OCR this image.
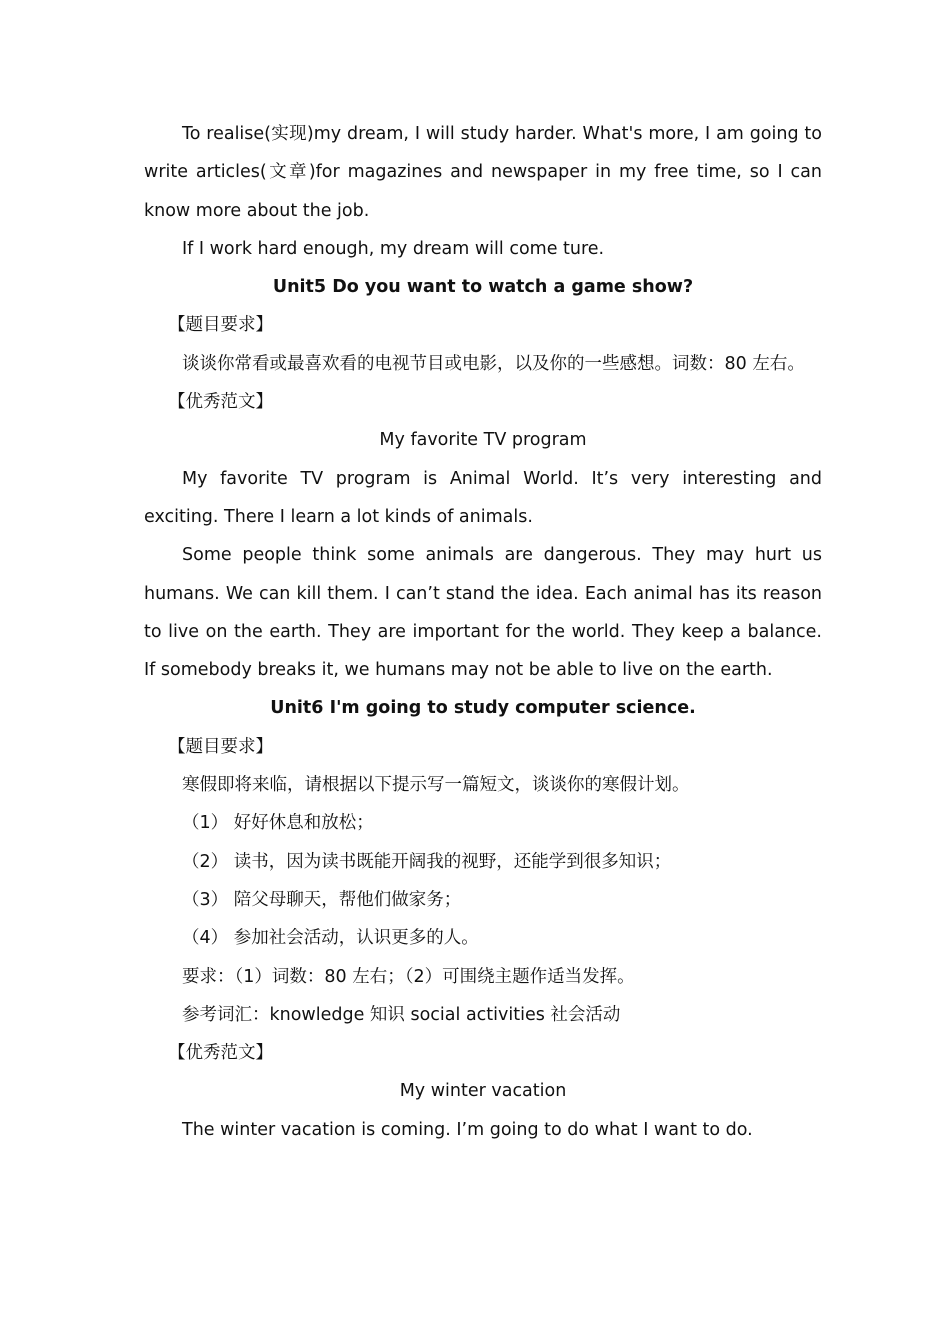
To realise(实现)my dream, I will study harder. What's more, I am going to write articles(文章)for magazines and newspaper in my free time, so I can know more about the job.

If I work hard enough, my dream will come ture.

Unit5 Do you want to watch a game show?

【题目要求】

谈谈你常看或最喜欢看的电视节目或电影，以及你的一些感想。词数：80 左右。

【优秀范文】

My favorite TV program

My favorite TV program is Animal World. It’s very interesting and exciting. There I learn a lot kinds of animals.

Some people think some animals are dangerous. They may hurt us humans. We can kill them. I can’t stand the idea. Each animal has its reason to live on the earth. They are important for the world. They keep a balance. If somebody breaks it, we humans may not be able to live on the earth.

Unit6 I'm going to study computer science.

【题目要求】

寒假即将来临，请根据以下提示写一篇短文，谈谈你的寒假计划。

（1） 好好休息和放松；

（2） 读书，因为读书既能开阔我的视野，还能学到很多知识；

（3） 陪父母聊天，帮他们做家务；

（4） 参加社会活动，认识更多的人。

要求：（1）词数：80 左右；（2）可围绕主题作适当发挥。

参考词汇：knowledge 知识 social activities 社会活动

【优秀范文】

My winter vacation

The winter vacation is coming. I’m going to do what I want to do.
